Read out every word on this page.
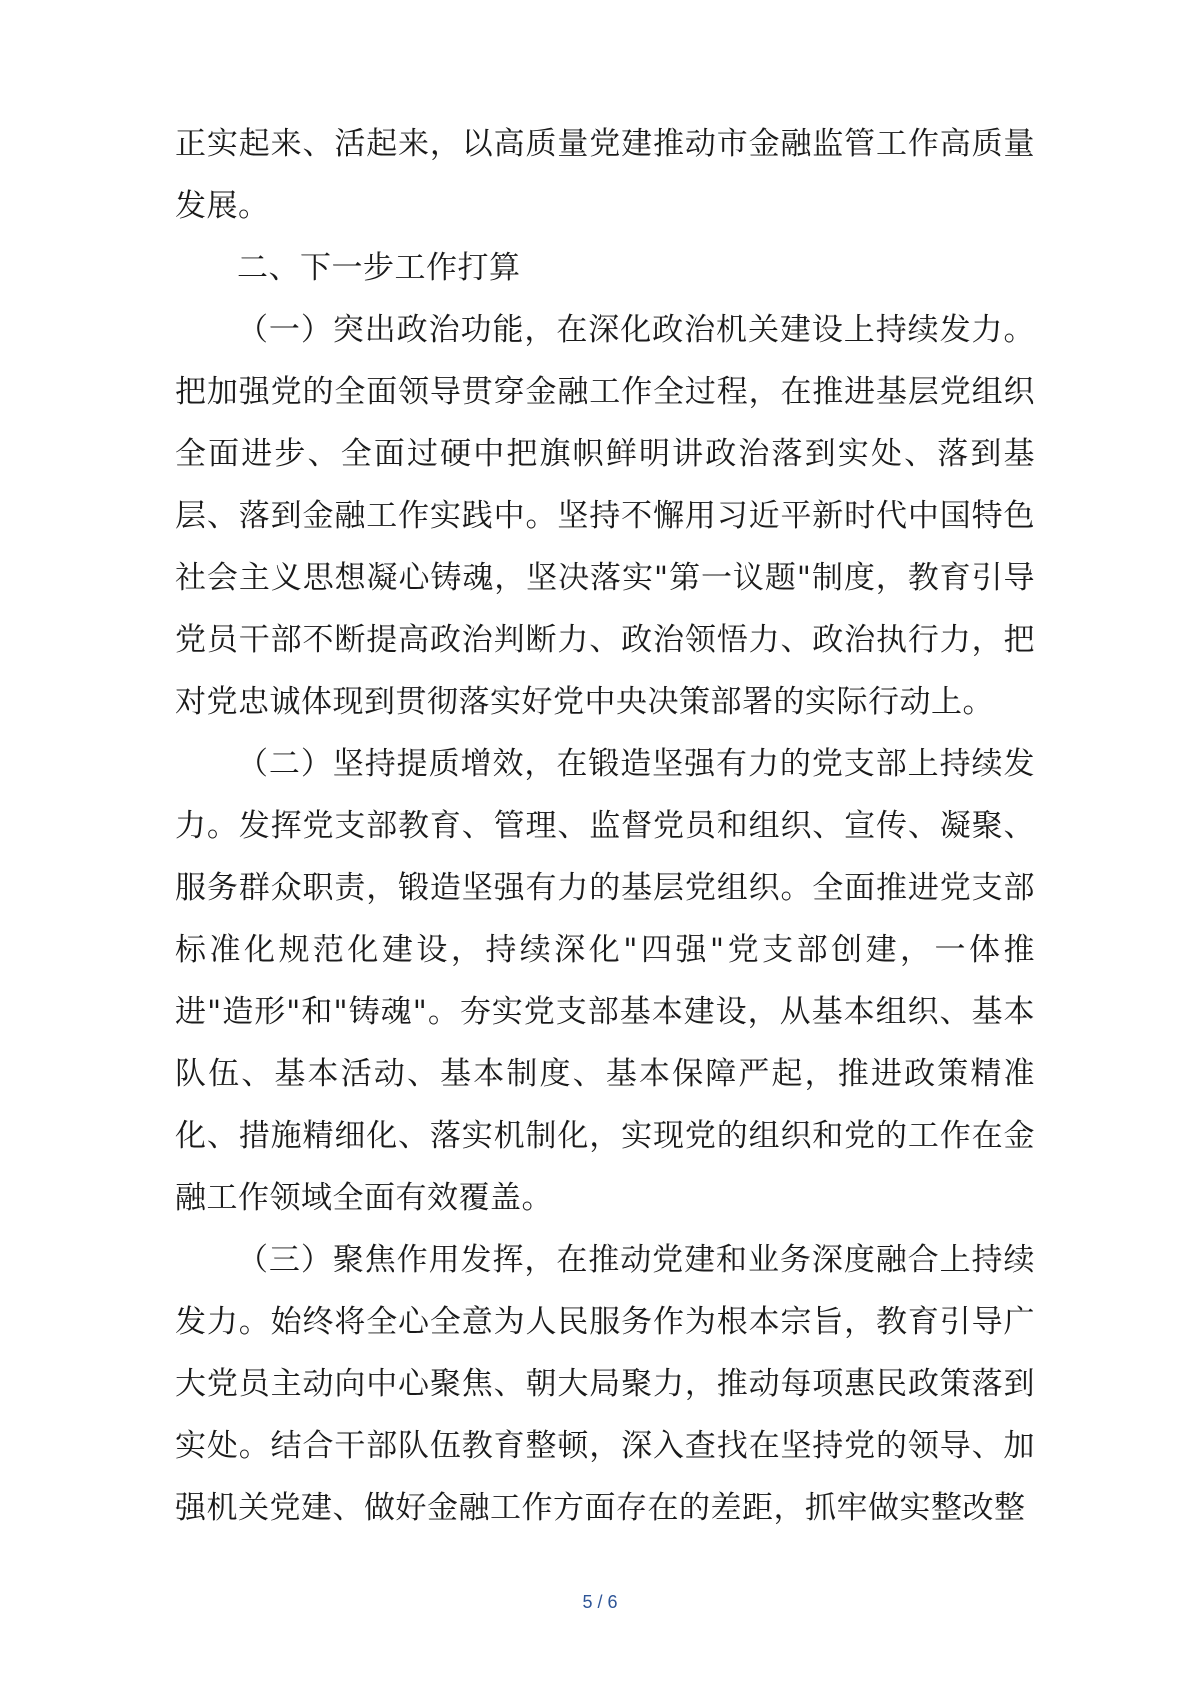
正实起来、活起来，以高质量党建推动市金融监管工作高质量发展。

二、下一步工作打算

（一）突出政治功能，在深化政治机关建设上持续发力。把加强党的全面领导贯穿金融工作全过程，在推进基层党组织全面进步、全面过硬中把旗帜鲜明讲政治落到实处、落到基层、落到金融工作实践中。坚持不懈用习近平新时代中国特色社会主义思想凝心铸魂，坚决落实"第一议题"制度，教育引导党员干部不断提高政治判断力、政治领悟力、政治执行力，把对党忠诚体现到贯彻落实好党中央决策部署的实际行动上。

（二）坚持提质增效，在锻造坚强有力的党支部上持续发力。发挥党支部教育、管理、监督党员和组织、宣传、凝聚、服务群众职责，锻造坚强有力的基层党组织。全面推进党支部标准化规范化建设，持续深化"四强"党支部创建，一体推进"造形"和"铸魂"。夯实党支部基本建设，从基本组织、基本队伍、基本活动、基本制度、基本保障严起，推进政策精准化、措施精细化、落实机制化，实现党的组织和党的工作在金融工作领域全面有效覆盖。

（三）聚焦作用发挥，在推动党建和业务深度融合上持续发力。始终将全心全意为人民服务作为根本宗旨，教育引导广大党员主动向中心聚焦、朝大局聚力，推动每项惠民政策落到实处。结合干部队伍教育整顿，深入查找在坚持党的领导、加强机关党建、做好金融工作方面存在的差距，抓牢做实整改整

5 / 6
